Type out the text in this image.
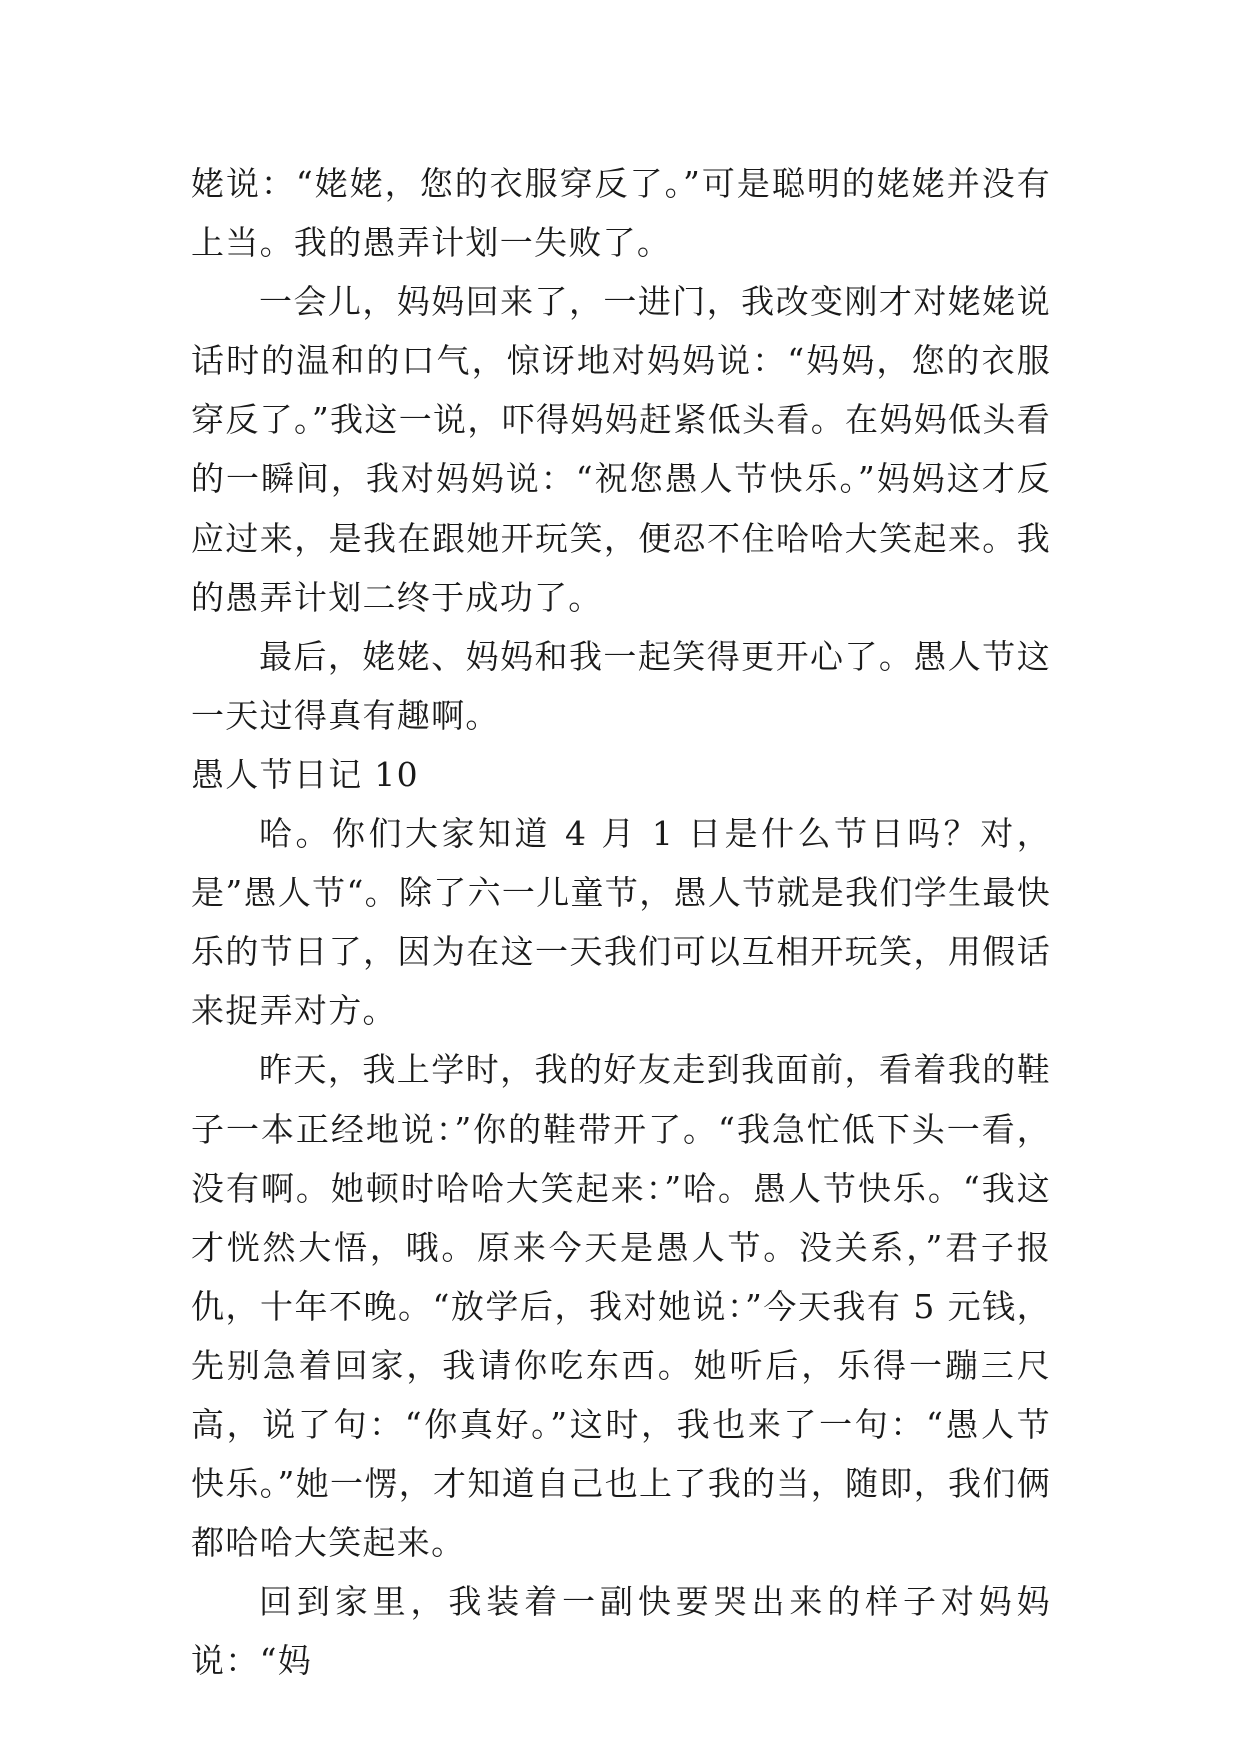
姥说：“姥姥，您的衣服穿反了。”可是聪明的姥姥并没有上当。我的愚弄计划一失败了。

一会儿，妈妈回来了，一进门，我改变刚才对姥姥说话时的温和的口气，惊讶地对妈妈说：“妈妈，您的衣服穿反了。”我这一说，吓得妈妈赶紧低头看。在妈妈低头看的一瞬间，我对妈妈说：“祝您愚人节快乐。”妈妈这才反应过来，是我在跟她开玩笑，便忍不住哈哈大笑起来。我的愚弄计划二终于成功了。

最后，姥姥、妈妈和我一起笑得更开心了。愚人节这一天过得真有趣啊。

愚人节日记 10

哈。你们大家知道 4 月 1 日是什么节日吗？对，是”愚人节“。除了六一儿童节，愚人节就是我们学生最快乐的节日了，因为在这一天我们可以互相开玩笑，用假话来捉弄对方。

昨天，我上学时，我的好友走到我面前，看着我的鞋子一本正经地说：”你的鞋带开了。“我急忙低下头一看，没有啊。她顿时哈哈大笑起来：”哈。愚人节快乐。“我这才恍然大悟，哦。原来今天是愚人节。没关系，”君子报仇，十年不晚。“放学后，我对她说：”今天我有 5 元钱，先别急着回家，我请你吃东西。她听后，乐得一蹦三尺高，说了句：“你真好。”这时，我也来了一句：“愚人节快乐。”她一愣，才知道自己也上了我的当，随即，我们俩都哈哈大笑起来。

回到家里，我装着一副快要哭出来的样子对妈妈说：“妈
